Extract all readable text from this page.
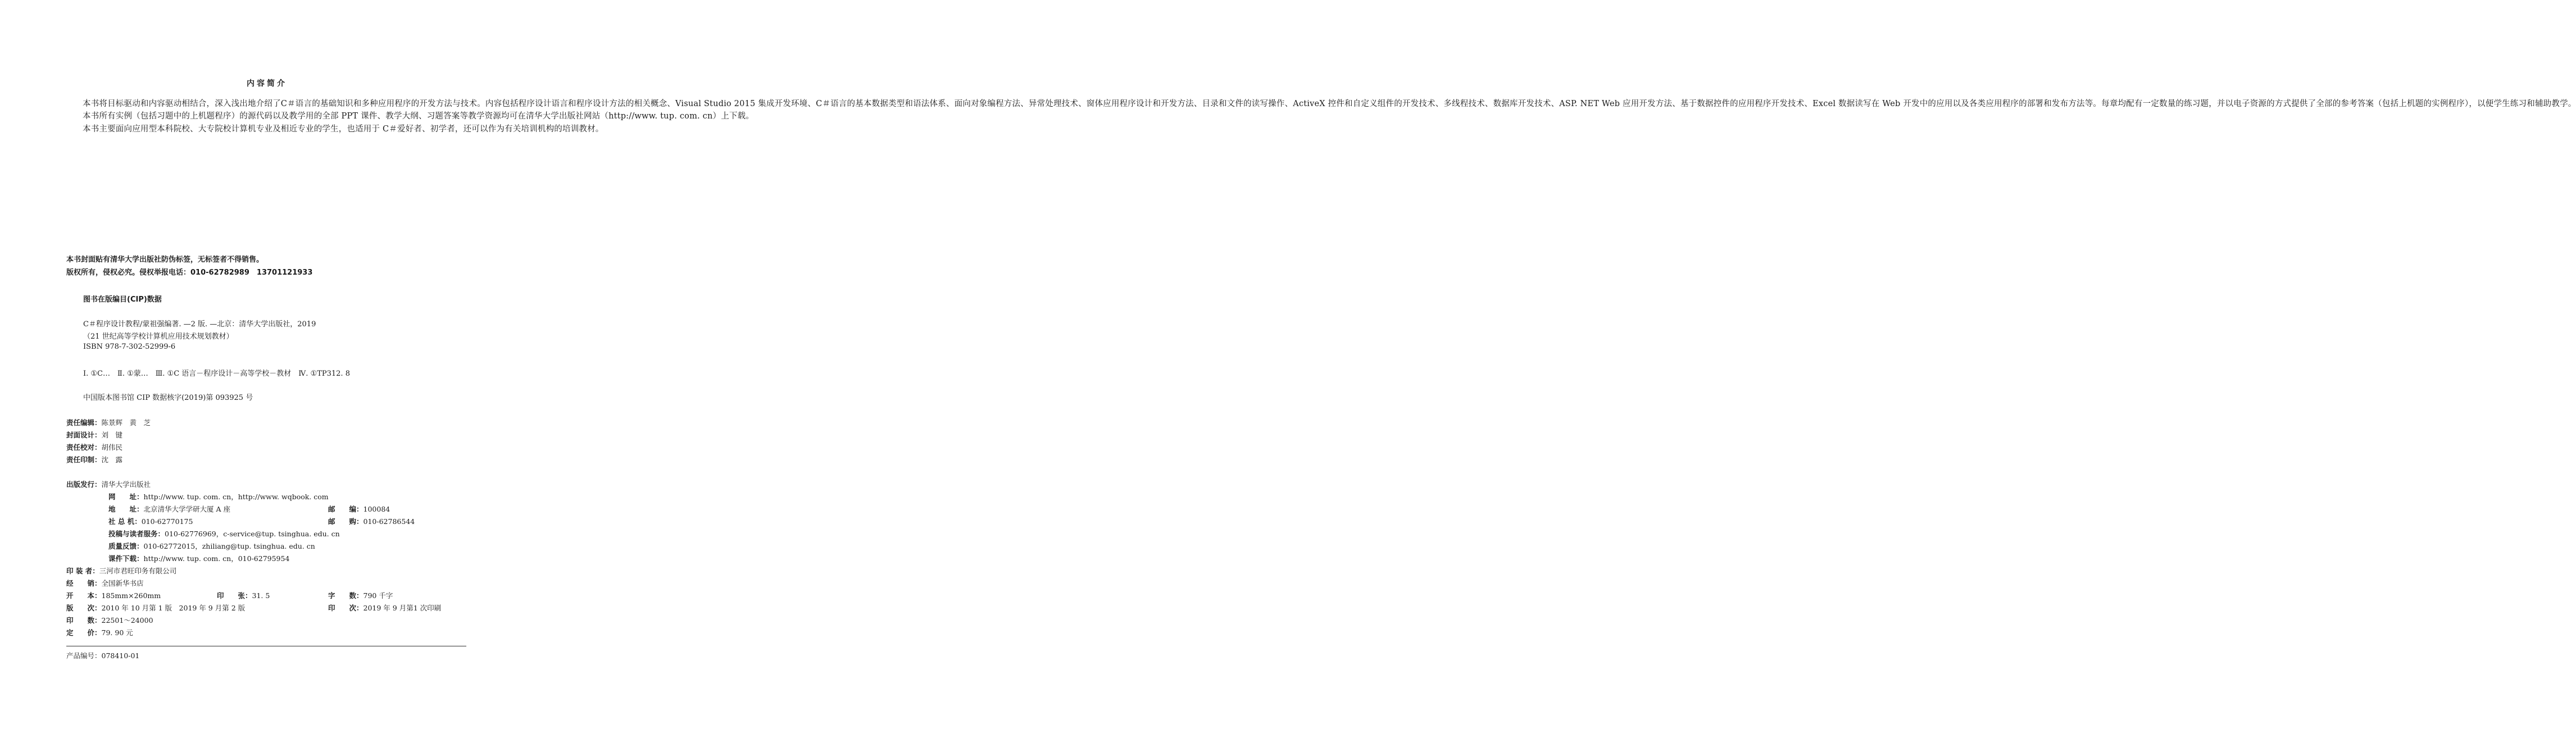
内容简介

本书将目标驱动和内容驱动相结合，深入浅出地介绍了C＃语言的基础知识和多种应用程序的开发方法与技术。内容包括程序设计语言和程序设计方法的相关概念、Visual Studio 2015 集成开发环境、C＃语言的基本数据类型和语法体系、面向对象编程方法、异常处理技术、窗体应用程序设计和开发方法、目录和文件的读写操作、ActiveX 控件和自定义组件的开发技术、多线程技术、数据库开发技术、ASP. NET Web 应用开发方法、基于数据控件的应用程序开发技术、Excel 数据读写在 Web 开发中的应用以及各类应用程序的部署和发布方法等。每章均配有一定数量的练习题，并以电子资源的方式提供了全部的参考答案（包括上机题的实例程序），以便学生练习和辅助教学。

本书所有实例（包括习题中的上机题程序）的源代码以及教学用的全部 PPT 课件、教学大纲、习题答案等教学资源均可在清华大学出版社网站（http://www. tup. com. cn）上下载。

本书主要面向应用型本科院校、大专院校计算机专业及相近专业的学生，也适用于 C＃爱好者、初学者，还可以作为有关培训机构的培训教材。

本书封面贴有清华大学出版社防伪标签，无标签者不得销售。
版权所有，侵权必究。侵权举报电话：010-62782989　13701121933
图书在版编目(CIP)数据
C＃程序设计教程/蒙祖强编著. —2 版. —北京：清华大学出版社，2019
（21 世纪高等学校计算机应用技术规划教材）
ISBN 978-7-302-52999-6
Ⅰ. ①C…　Ⅱ. ①蒙…　Ⅲ. ①C 语言－程序设计－高等学校－教材　Ⅳ. ①TP312. 8
中国版本图书馆 CIP 数据核字(2019)第 093925 号
责任编辑：陈景辉　黄　芝
封面设计：刘　键
责任校对：胡伟民
责任印制：沈　露
出版发行：清华大学出版社
网　　址：http://www. tup. com. cn，http://www. wqbook. com
地　　址：北京清华大学学研大厦 A 座	邮　　编：100084
社 总 机：010-62770175	邮　　购：010-62786544
投稿与读者服务：010-62776969，c-service@tup. tsinghua. edu. cn
质量反馈：010-62772015，zhiliang@tup. tsinghua. edu. cn
课件下载：http://www. tup. com. cn，010-62795954
印 装 者：三河市君旺印务有限公司
经　　销：全国新华书店
开　　本：185mm×260mm	印　　张：31. 5	字　　数：790 千字
版　　次：2010 年 10 月第 1 版　2019 年 9 月第 2 版	印　　次：2019 年 9 月第1 次印刷
印　　数：22501～24000
定　　价：79. 90 元
产品编号：078410-01
